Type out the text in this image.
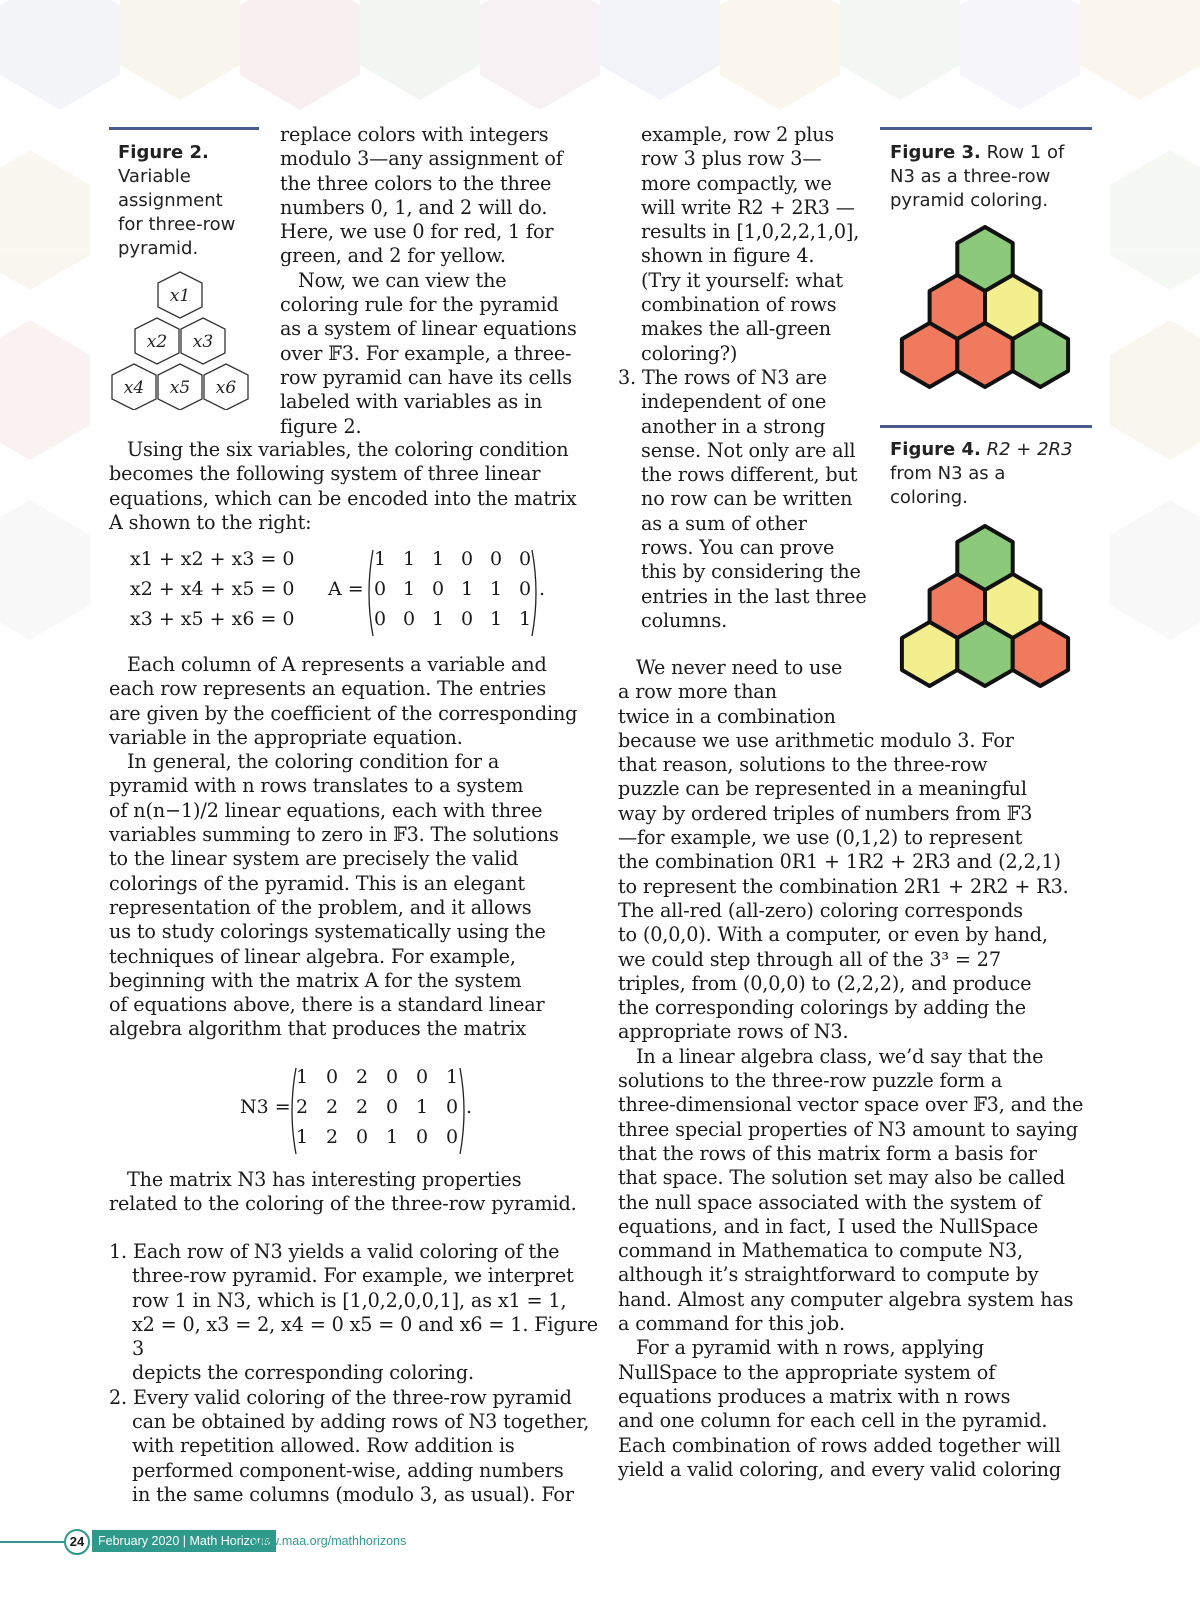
Figure 2.
Variable
assignment
for three-row
pyramid.
x1
x2 x3
x4 x5 x6
replace colors with integers
modulo 3—any assignment of
the three colors to the three
numbers 0, 1, and 2 will do.
Here, we use 0 for red, 1 for
green, and 2 for yellow.
Now, we can view the
coloring rule for the pyramid
as a system of linear equations
over 𝔽3. For example, a three-
row pyramid can have its cells
labeled with variables as in
figure 2.
Using the six variables, the coloring condition
becomes the following system of three linear
equations, which can be encoded into the matrix
A shown to the right:
x1 + x2 + x3 = 0
x2 + x4 + x5 = 0
x3 + x5 + x6 = 0
A =
1 1 1 0 0 0
0 1 0 1 1 0
0 0 1 0 1 1
.
Each column of A represents a variable and
each row represents an equation. The entries
are given by the coefficient of the corresponding
variable in the appropriate equation.
In general, the coloring condition for a
pyramid with n rows translates to a system
of n(n−1)/2 linear equations, each with three
variables summing to zero in 𝔽3. The solutions
to the linear system are precisely the valid
colorings of the pyramid. This is an elegant
representation of the problem, and it allows
us to study colorings systematically using the
techniques of linear algebra. For example,
beginning with the matrix A for the system
of equations above, there is a standard linear
algebra algorithm that produces the matrix
N3 =
1 0 2 0 0 1
2 2 2 0 1 0
1 2 0 1 0 0
.
The matrix N3 has interesting properties
related to the coloring of the three-row pyramid.
1. Each row of N3 yields a valid coloring of the
three-row pyramid. For example, we interpret
row 1 in N3, which is [1,0,2,0,0,1], as x1 = 1,
x2 = 0, x3 = 2, x4 = 0 x5 = 0 and x6 = 1. Figure 3
depicts the corresponding coloring.
2. Every valid coloring of the three-row pyramid
can be obtained by adding rows of N3 together,
with repetition allowed. Row addition is
performed component-wise, adding numbers
in the same columns (modulo 3, as usual). For
example, row 2 plus
row 3 plus row 3—
more compactly, we
will write R2 + 2R3 —
results in [1,0,2,2,1,0],
shown in figure 4.
(Try it yourself: what
combination of rows
makes the all-green
coloring?)
3. The rows of N3 are
independent of one
another in a strong
sense. Not only are all
the rows different, but
no row can be written
as a sum of other
rows. You can prove
this by considering the
entries in the last three
columns.
Figure 3. Row 1 of
N3 as a three-row
pyramid coloring.
Figure 4. R2 + 2R3
from N3 as a
coloring.
We never need to use
a row more than
twice in a combination
because we use arithmetic modulo 3. For
that reason, solutions to the three-row
puzzle can be represented in a meaningful
way by ordered triples of numbers from 𝔽3
—for example, we use (0,1,2) to represent
the combination 0R1 + 1R2 + 2R3 and (2,2,1)
to represent the combination 2R1 + 2R2 + R3.
The all-red (all-zero) coloring corresponds
to (0,0,0). With a computer, or even by hand,
we could step through all of the 3³ = 27
triples, from (0,0,0) to (2,2,2), and produce
the corresponding colorings by adding the
appropriate rows of N3.
In a linear algebra class, we’d say that the
solutions to the three-row puzzle form a
three-dimensional vector space over 𝔽3, and the
three special properties of N3 amount to saying
that the rows of this matrix form a basis for
that space. The solution set may also be called
the null space associated with the system of
equations, and in fact, I used the NullSpace
command in Mathematica to compute N3,
although it’s straightforward to compute by
hand. Almost any computer algebra system has
a command for this job.
For a pyramid with n rows, applying
NullSpace to the appropriate system of
equations produces a matrix with n rows
and one column for each cell in the pyramid.
Each combination of rows added together will
yield a valid coloring, and every valid coloring
24	February 2020 | Math Horizons
www.maa.org/mathhorizons
